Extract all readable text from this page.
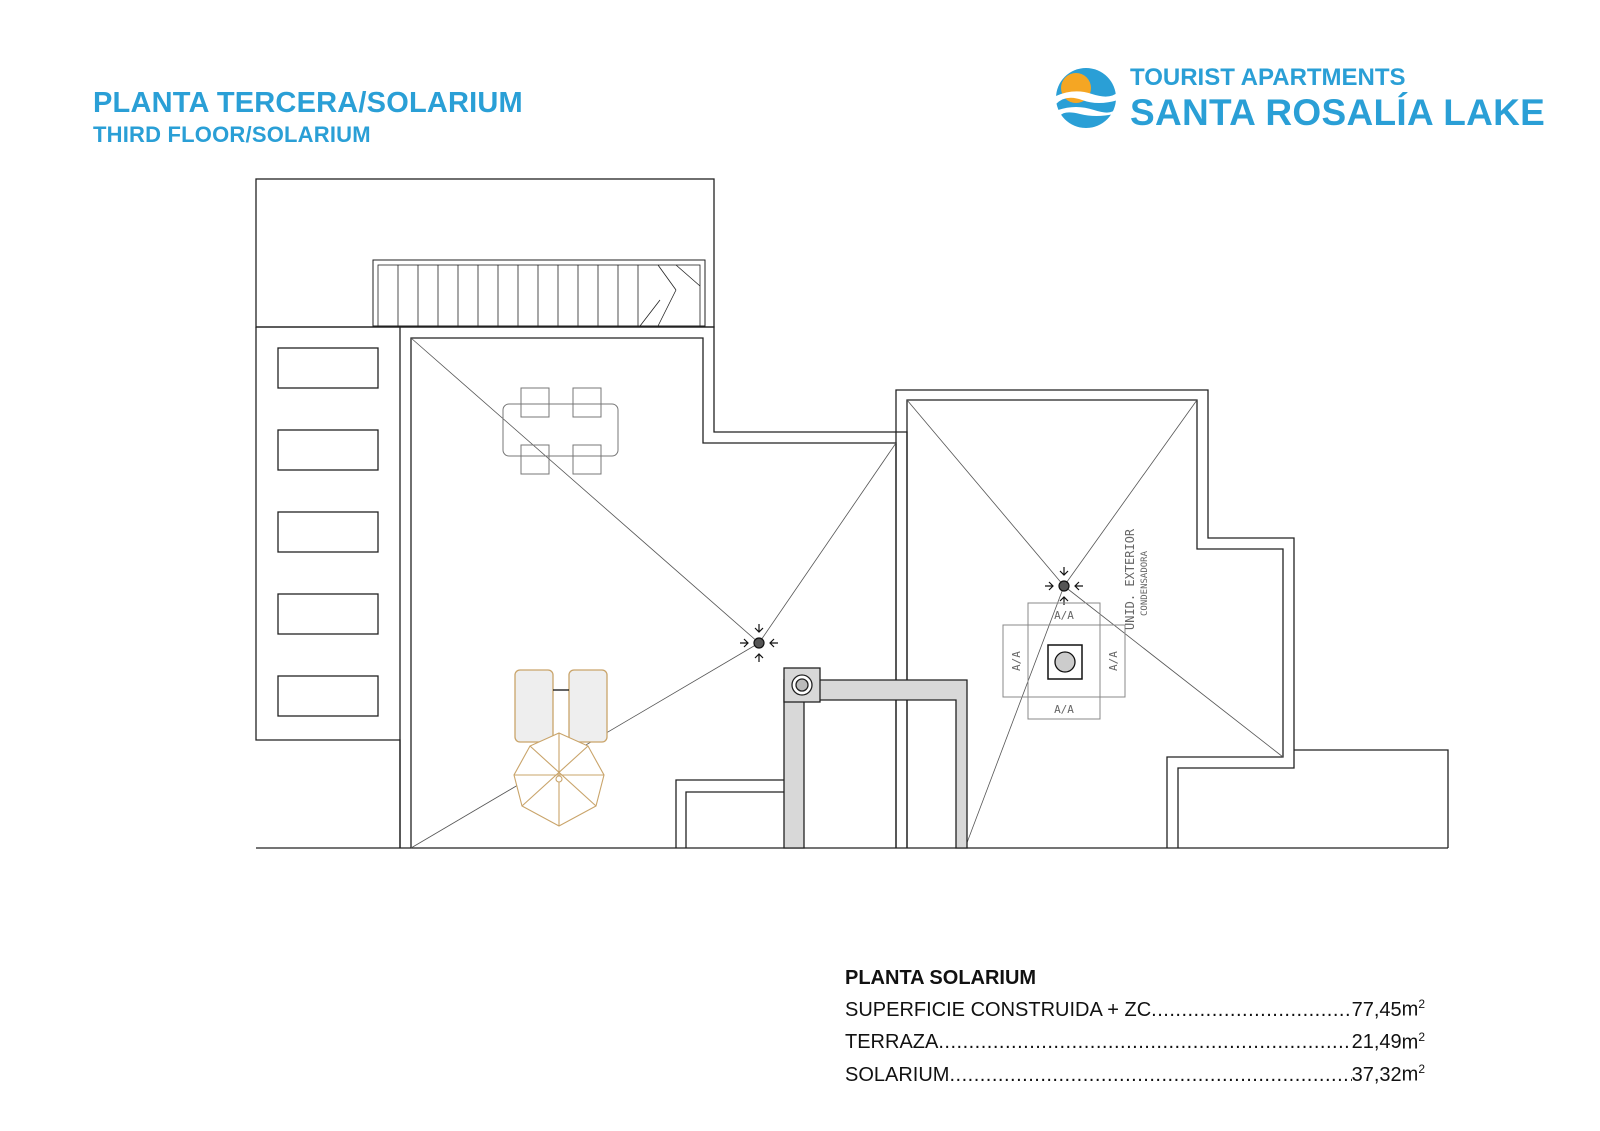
PLANTA TERCERA/SOLARIUM
THIRD FLOOR/SOLARIUM
TOURIST APARTMENTS
SANTA ROSALÍA LAKE
A/A
A/A
A/A	A/A
UNID. EXTERIOR CONDENSADORA
PLANTA SOLARIUM
SUPERFICIE CONSTRUIDA + ZC .....	77,45 $m^2$
TERRAZA .....	21,49 $m^2$
SOLARIUM .....	37,32 $m^2$
